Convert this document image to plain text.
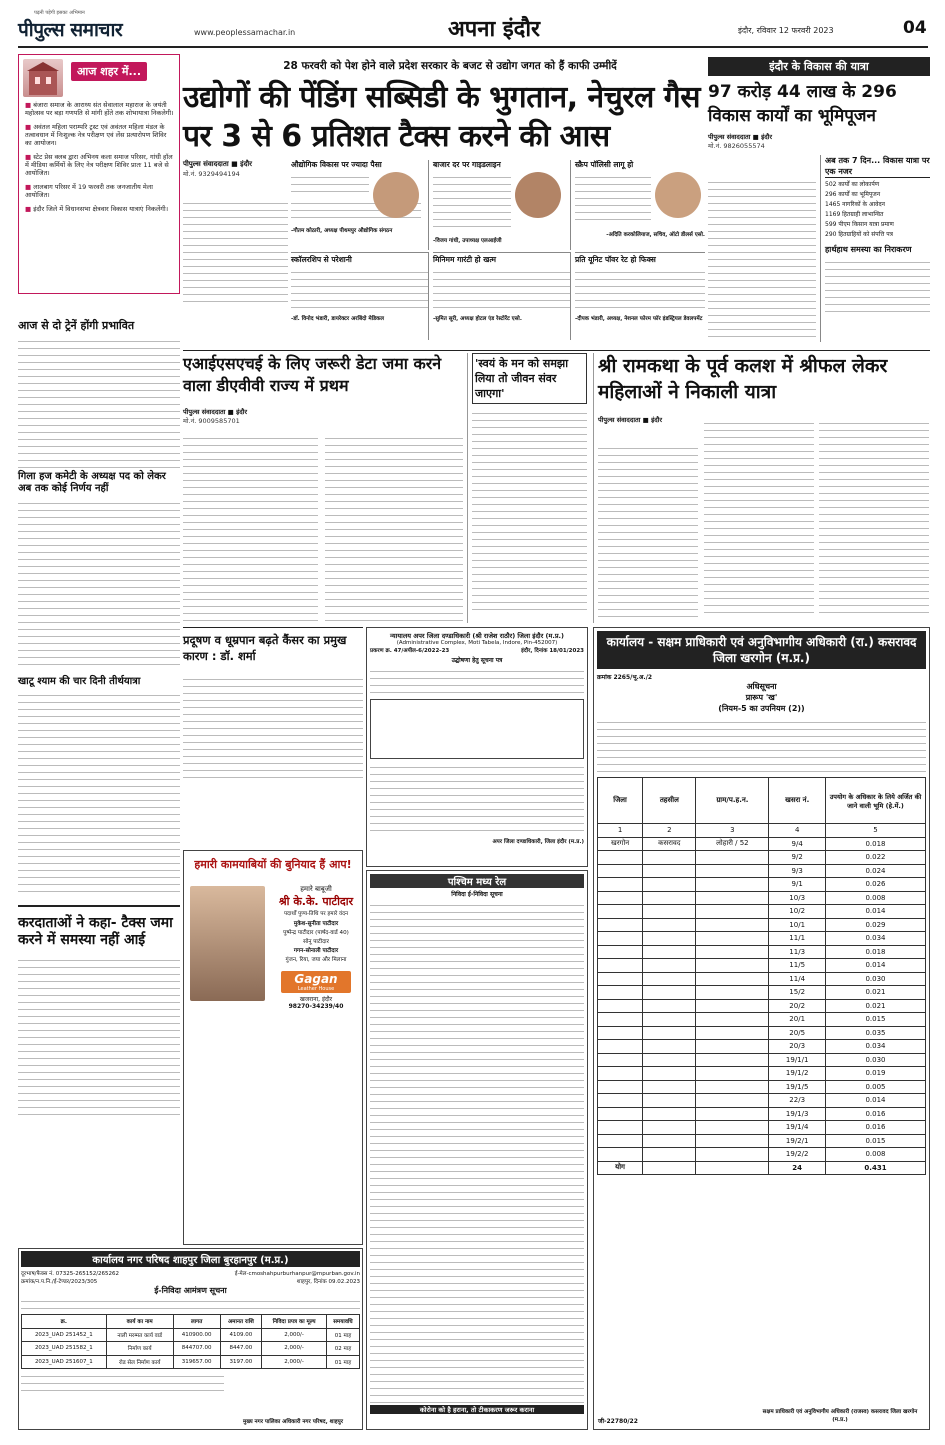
पढ़नी पड़ेगी इसका अभिमान
पीपुल्स समाचार	www.peoplessamachar.in	अपना इंदौर	इंदौर, रविवार 12 फरवरी 2023	04
आज शहर में...
■ बंजारा समाज के आराध्य संत सेवालाल महाराज के जयंती महोत्सव पर बड़ा गणपति से मांगी होंते तक शोभायात्रा निकलेगी।
■ अवंतल महिला पराम्परि ट्रस्ट एवं अवंतल महिला मंडल के तत्वावधान में निःशुल्क नेत्र परीक्षण एवं लेंस प्रत्यारोपण शिविर का आयोजन।
■ स्टेट प्रेस क्लब द्वारा अभिनय कला समाज परिसर, गांधी हॉल में मीडिया कर्मियों के लिए नेत्र परीक्षण शिविर प्रातः 11 बजे से आयोजित।
■ लालबाग परिसर में 19 फरवरी तक जनजातीय मेला आयोजित।
■ इंदौर जिले में विधानसभा क्षेत्रवार विकास यात्राएं निकलेंगी।
आज से दो ट्रेनें होंगी प्रभावित
गिला हज कमेटी के अध्यक्ष पद को लेकर अब तक कोई निर्णय नहीं
खाटू श्याम की चार दिनी तीर्थयात्रा
करदाताओं ने कहा- टैक्स जमा करने में समस्या नहीं आई
28 फरवरी को पेश होने वाले प्रदेश सरकार के बजट से उद्योग जगत को हैं काफी उम्मीदें
उद्योगों की पेंडिंग सब्सिडी के भुगतान, नेचुरल गैस पर 3 से 6 प्रतिशत टैक्स करने की आस
पीपुल्स संवाददाता ■ इंदौर
मो.नं. 9329494194
औद्योगिक विकास पर ज्यादा पैसा
-गौतम कोठारी, अध्यक्ष पीथमपुर औद्योगिक संगठन
बाजार दर पर गाइडलाइन
-विजय गांधी, उपाध्यक्ष एलआईजी
स्क्रैप पॉलिसी लागू हो
-अदिति करकोलियाज, सचिव, ऑटो डीलर्स एसो.
स्कॉलरशिप से परेशानी
-डॉ. विनोद भंडारी, डायरेक्टर अरबिंदो मेडिकल
मिनिमम गारंटी हो खत्म
-सुमित सूरी, अध्यक्ष होटल एंड रेस्टोरेंट एसो.
प्रति यूनिट पॉवर रेट हो फिक्स
-दीपक भंडारी, अध्यक्ष, नेशनल फोरम फॉर इंडस्ट्रियल डेवलपमेंट
इंदौर के विकास की यात्रा
97 करोड़ 44 लाख के 296 विकास कार्यों का भूमिपूजन
पीपुल्स संवाददाता ■ इंदौर
मो.नं. 9826055574
अब तक 7 दिन... विकास यात्रा पर एक नजर
502 कार्यों का लोकार्पण
296 कार्यों का भूमिपूजन
1465 नागरिकों के आवेदन
1169 हितग्राही लाभान्वित
599 पीएम किसान यात्रा प्रमाण
290 हितग्राहियों को संपत्ति पत्र
हार्थहाथ समस्या का निराकरण
एआईएसएचई के लिए जरूरी डेटा जमा करने वाला डीएवीवी राज्य में प्रथम
पीपुल्स संवाददाता ■ इंदौर
मो.नं. 9009585701
'स्वयं के मन को समझा लिया तो जीवन संवर जाएगा'
श्री रामकथा के पूर्व कलश में श्रीफल लेकर महिलाओं ने निकाली यात्रा
पीपुल्स संवाददाता ■ इंदौर
प्रदूषण व धूम्रपान बढ़ते कैंसर का प्रमुख कारण : डॉ. शर्मा
न्यायालय अपर जिला दण्डाधिकारी (श्री राजेश राठौर) जिला इंदौर (म.प्र.)
(Administrative Complex, Moti Tabela, Indore, Pin-452007)
प्रकरण क्र. 47/अपील-6/2022-23	इंदौर, दिनांक 18/01/2023
उद्घोषणा हेतु सूचना पत्र
अपर जिला दण्डाधिकारी, जिला इंदौर (म.प्र.)
हमारी कामयाबियों की बुनियाद हैं आप!
हमारे बाबूजी
श्री के.के. पाटीदार
पदार्थों पुण्य-तिथि पर हमारे वंदन
मुकेश-सुनीता पाटीदार
पुष्पेन्द्र पाटीदार (पार्षद-वार्ड 40)
सोनू पाटीदार
गगन-सोनाली पाटीदार
गुंजन, रिया, जया और मिलाना
Gagan
Leather House
खजराना, इंदौर
98270-34239/40
पश्चिम मध्य रेल
निविदा ई-निविदा सूचना
कोरोना को है हराना, तो टीकाकरण जरूर कराना
कार्यालय नगर परिषद शाहपुर जिला बुरहानपुर (म.प्र.)
दूरभाष/फैक्स नं. 07325-265152/265262	ई-मेल-cmoshahpurburhanpur@mpurban.gov.in
क्रमांक/न.प.नि./ई-टेण्डर/2023/305	शाहपुर, दिनांक 09.02.2023
ई-निविदा आमंत्रण सूचना
क्र.	कार्य का नाम	लागत	अमानत राशि	निविदा प्रपत्र का मूल्य	समयावधि
2023_UAD 251452_1	नाली मरम्मत कार्य वार्ड	410900.00	4109.00	2,000/-	01 माह
2023_UAD 251582_1	निर्माण कार्य	844707.00	8447.00	2,000/-	02 माह
2023_UAD 251607_1	रोड सेल निर्माण कार्य	319657.00	3197.00	2,000/-	01 माह
मुख्य नगर पालिका अधिकारी नगर परिषद, शाहपुर
कार्यालय - सक्षम प्राधिकारी एवं अनुविभागीय अधिकारी (रा.) कसरावद जिला खरगोन (म.प्र.)
क्रमांक 2265/भू.अ./2
अधिसूचना
प्रारूप 'ख'
(नियम-5 का उपनियम (2))
जिला	तहसील	ग्राम/प.ह.न.	खसरा नं.	उपयोग के अधिकार के लिये अर्जित की जाने वाली भूमि (हे.में.)
1	2	3	4	5
खरगोन	कसरावद	लोहारी / 52	9/4	0.018
			9/2	0.022
			9/3	0.024
			9/1	0.026
			10/3	0.008
			10/2	0.014
			10/1	0.029
			11/1	0.034
			11/3	0.018
			11/5	0.014
			11/4	0.030
			15/2	0.021
			20/2	0.021
			20/1	0.015
			20/5	0.035
			20/3	0.034
			19/1/1	0.030
			19/1/2	0.019
			19/1/5	0.005
			22/3	0.014
			19/1/3	0.016
			19/1/4	0.016
			19/2/1	0.015
			19/2/2	0.008
योग			24	0.431
सक्षम प्राधिकारी एवं अनुविभागीय अधिकारी (राजस्व) कसरावद जिला खरगोन (म.प्र.)
जी-22780/22
